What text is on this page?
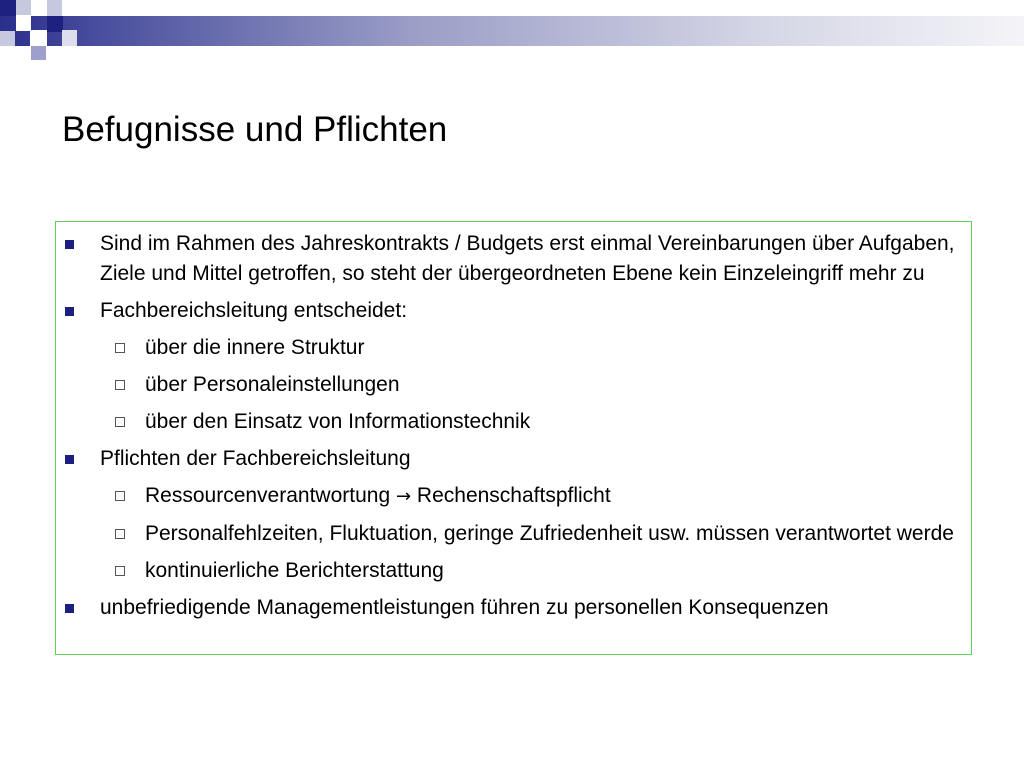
Befugnisse und Pflichten
Sind im Rahmen des Jahreskontrakts / Budgets erst einmal Vereinbarungen über Aufgaben, Ziele und Mittel getroffen, so steht der übergeordneten Ebene kein Einzeleingriff mehr zu
Fachbereichsleitung entscheidet:
über die innere Struktur
über Personaleinstellungen
über den Einsatz von Informationstechnik
Pflichten der Fachbereichsleitung
Ressourcenverantwortung → Rechenschaftspflicht
Personalfehlzeiten, Fluktuation, geringe Zufriedenheit usw. müssen verantwortet werde
kontinuierliche Berichterstattung
unbefriedigende Managementleistungen führen zu personellen Konsequenzen
